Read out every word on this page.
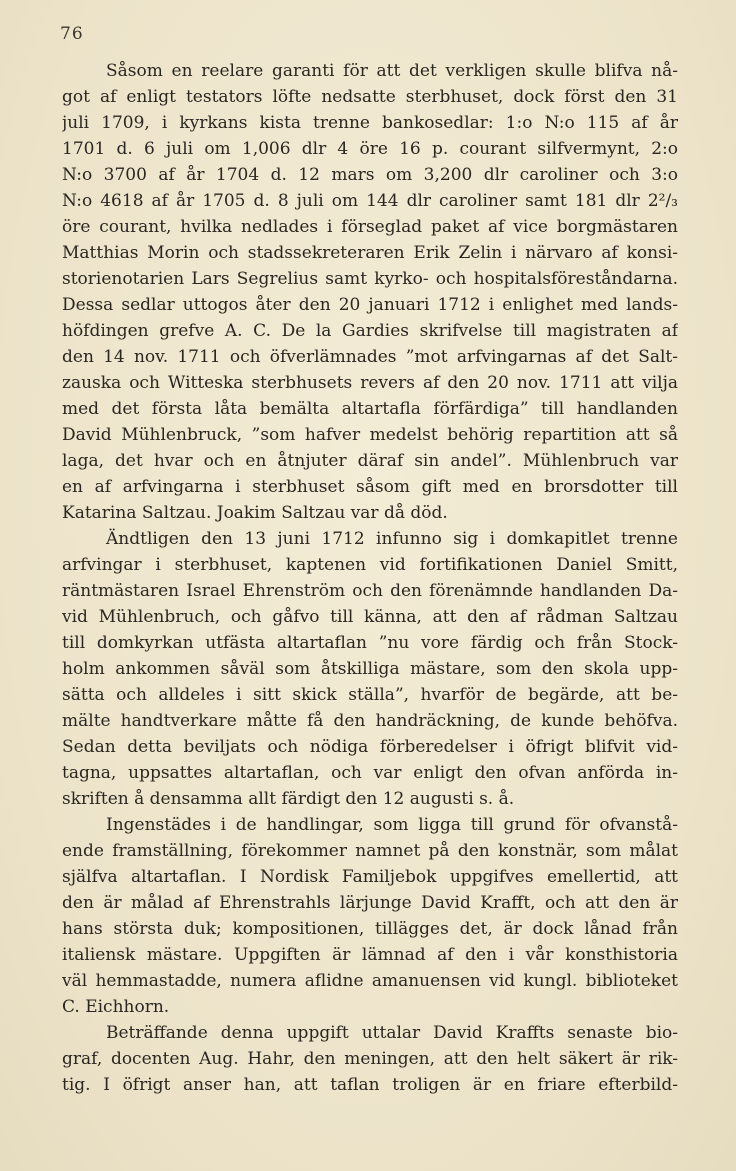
76
Såsom en reelare garanti för att det verkligen skulle blifva nå-
got af enligt testators löfte nedsatte sterbhuset, dock först den 31
juli 1709, i kyrkans kista trenne bankosedlar: 1:o N:o 115 af år
1701 d. 6 juli om 1,006 dlr 4 öre 16 p. courant silfvermynt, 2:o
N:o 3700 af år 1704 d. 12 mars om 3,200 dlr caroliner och 3:o
N:o 4618 af år 1705 d. 8 juli om 144 dlr caroliner samt 181 dlr 2²/₃
öre courant, hvilka nedlades i förseglad paket af vice borgmästaren
Matthias Morin och stadssekreteraren Erik Zelin i närvaro af konsi-
storienotarien Lars Segrelius samt kyrko- och hospitalsföreståndarna.
Dessa sedlar uttogos åter den 20 januari 1712 i enlighet med lands-
höfdingen grefve A. C. De la Gardies skrifvelse till magistraten af
den 14 nov. 1711 och öfverlämnades ”mot arfvingarnas af det Salt-
zauska och Witteska sterbhusets revers af den 20 nov. 1711 att vilja
med det första låta bemälta altartafla förfärdiga” till handlanden
David Mühlenbruck, ”som hafver medelst behörig repartition att så
laga, det hvar och en åtnjuter däraf sin andel”. Mühlenbruch var
en af arfvingarna i sterbhuset såsom gift med en brorsdotter till
Katarina Saltzau. Joakim Saltzau var då död.
Ändtligen den 13 juni 1712 infunno sig i domkapitlet trenne
arfvingar i sterbhuset, kaptenen vid fortifikationen Daniel Smitt,
räntmästaren Israel Ehrenström och den förenämnde handlanden Da-
vid Mühlenbruch, och gåfvo till känna, att den af rådman Saltzau
till domkyrkan utfästa altartaflan ”nu vore färdig och från Stock-
holm ankommen såväl som åtskilliga mästare, som den skola upp-
sätta och alldeles i sitt skick ställa”, hvarför de begärde, att be-
mälte handtverkare måtte få den handräckning, de kunde behöfva.
Sedan detta beviljats och nödiga förberedelser i öfrigt blifvit vid-
tagna, uppsattes altartaflan, och var enligt den ofvan anförda in-
skriften å densamma allt färdigt den 12 augusti s. å.
Ingenstädes i de handlingar, som ligga till grund för ofvanstå-
ende framställning, förekommer namnet på den konstnär, som målat
själfva altartaflan. I Nordisk Familjebok uppgifves emellertid, att
den är målad af Ehrenstrahls lärjunge David Krafft, och att den är
hans största duk; kompositionen, tillägges det, är dock lånad från
italiensk mästare. Uppgiften är lämnad af den i vår konsthistoria
väl hemmastadde, numera aflidne amanuensen vid kungl. biblioteket
C. Eichhorn.
Beträffande denna uppgift uttalar David Kraffts senaste bio-
graf, docenten Aug. Hahr, den meningen, att den helt säkert är rik-
tig. I öfrigt anser han, att taflan troligen är en friare efterbild-
